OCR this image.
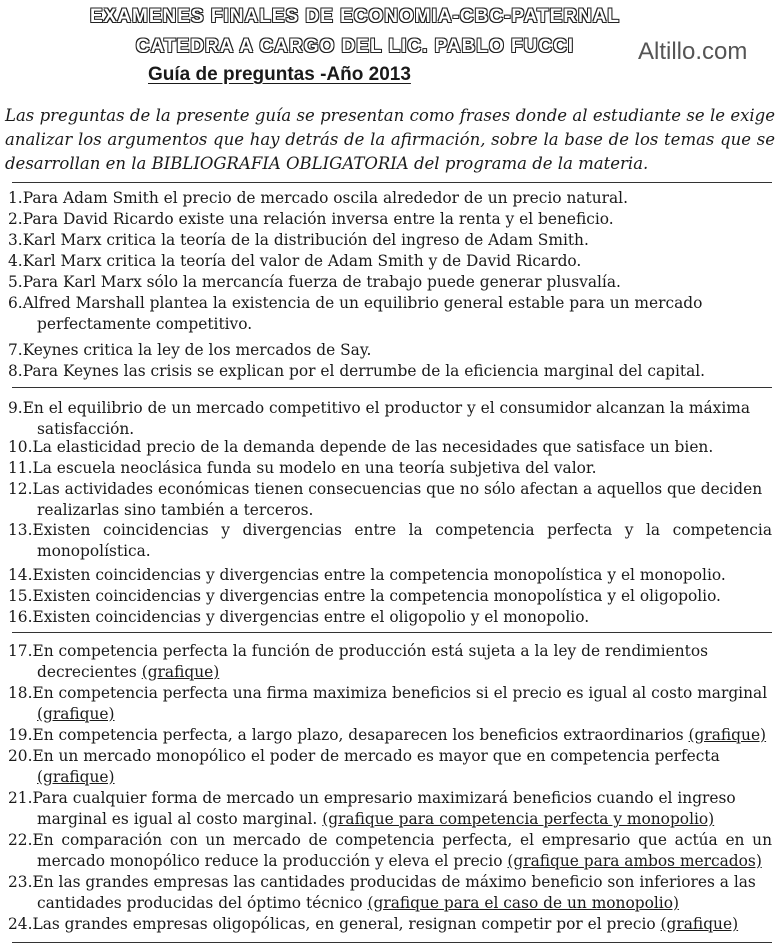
EXAMENES FINALES DE ECONOMIA-CBC-PATERNAL
CATEDRA A CARGO DEL LIC. PABLO FUCCI
Guía de preguntas -Año 2013
Altillo.com
Las preguntas de la presente guía se presentan como frases donde al estudiante se le exige analizar los argumentos que hay detrás de la afirmación, sobre la base de los temas que se desarrollan en la BIBLIOGRAFIA OBLIGATORIA del programa de la materia.
1.Para Adam Smith el precio de mercado oscila alrededor de un precio natural.
2.Para David Ricardo existe una relación inversa entre la renta y el beneficio.
3.Karl Marx critica la teoría de la distribución del ingreso de Adam Smith.
4.Karl Marx critica la teoría del valor de Adam Smith y de David Ricardo.
5.Para Karl Marx sólo la mercancía fuerza de trabajo puede generar plusvalía.
6.Alfred Marshall plantea la existencia de un equilibrio general estable para un mercado
perfectamente competitivo.
7.Keynes critica la ley de los mercados de Say.
8.Para Keynes las crisis se explican por el derrumbe de la eficiencia marginal del capital.
9.En el equilibrio de un mercado competitivo el productor y el consumidor alcanzan la máxima
satisfacción.
10.La elasticidad precio de la demanda depende de las necesidades que satisface un bien.
11.La escuela neoclásica funda su modelo en una teoría subjetiva del valor.
12.Las actividades económicas tienen consecuencias que no sólo afectan a aquellos que deciden
realizarlas sino también a terceros.
13.Existen coincidencias y divergencias entre la competencia perfecta y la competencia
monopolística.
14.Existen coincidencias y divergencias entre la competencia monopolística y el monopolio.
15.Existen coincidencias y divergencias entre la competencia monopolística y el oligopolio.
16.Existen coincidencias y divergencias entre el oligopolio y el monopolio.
17.En competencia perfecta la función de producción está sujeta a la ley de rendimientos
decrecientes (grafique)
18.En competencia perfecta una firma maximiza beneficios si el precio es igual al costo marginal
(grafique)
19.En competencia perfecta, a largo plazo, desaparecen los beneficios extraordinarios (grafique)
20.En un mercado monopólico el poder de mercado es mayor que en competencia perfecta
(grafique)
21.Para cualquier forma de mercado un empresario maximizará beneficios cuando el ingreso
marginal es igual al costo marginal. (grafique para competencia perfecta y monopolio)
22.En comparación con un mercado de competencia perfecta, el empresario que actúa en un
mercado monopólico reduce la producción y eleva el precio (grafique para ambos mercados)
23.En las grandes empresas las cantidades producidas de máximo beneficio son inferiores a las
cantidades producidas del óptimo técnico (grafique para el caso de un monopolio)
24.Las grandes empresas oligopólicas, en general, resignan competir por el precio (grafique)
